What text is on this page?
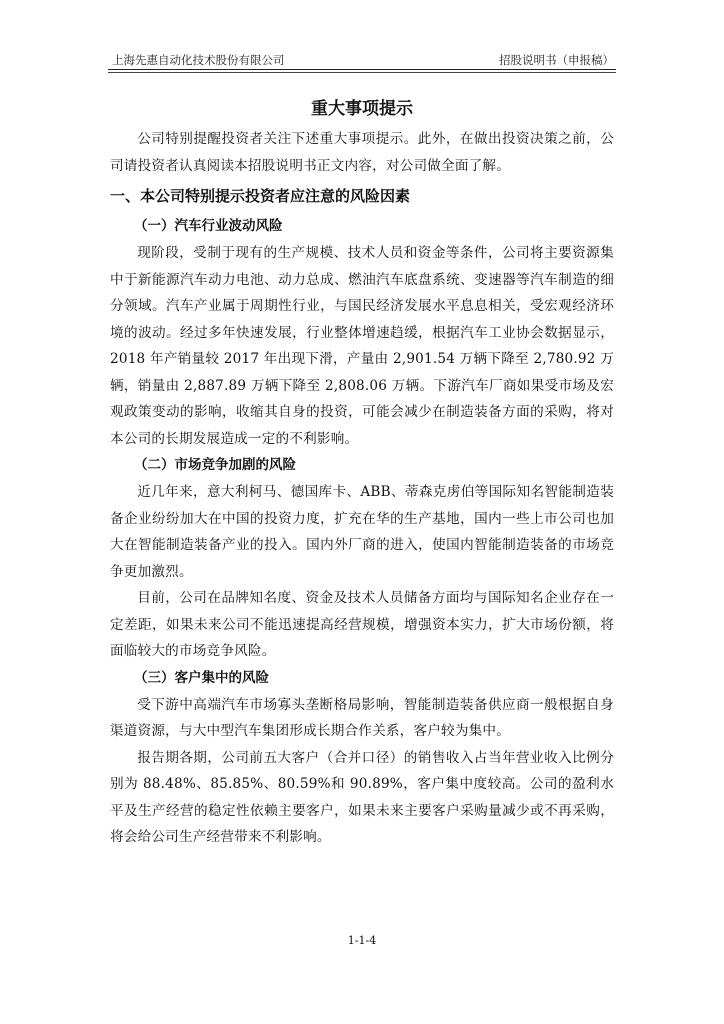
上海先惠自动化技术股份有限公司	招股说明书（申报稿）
重大事项提示

公司特别提醒投资者关注下述重大事项提示。此外，在做出投资决策之前，公司请投资者认真阅读本招股说明书正文内容，对公司做全面了解。

一、本公司特别提示投资者应注意的风险因素
（一）汽车行业波动风险

现阶段，受制于现有的生产规模、技术人员和资金等条件，公司将主要资源集中于新能源汽车动力电池、动力总成、燃油汽车底盘系统、变速器等汽车制造的细分领域。汽车产业属于周期性行业，与国民经济发展水平息息相关，受宏观经济环境的波动。经过多年快速发展，行业整体增速趋缓，根据汽车工业协会数据显示，2018 年产销量较 2017 年出现下滑，产量由 2,901.54 万辆下降至 2,780.92 万辆，销量由 2,887.89 万辆下降至 2,808.06 万辆。下游汽车厂商如果受市场及宏观政策变动的影响，收缩其自身的投资，可能会减少在制造装备方面的采购，将对本公司的长期发展造成一定的不利影响。

（二）市场竞争加剧的风险

近几年来，意大利柯马、德国库卡、ABB、蒂森克虏伯等国际知名智能制造装备企业纷纷加大在中国的投资力度，扩充在华的生产基地，国内一些上市公司也加大在智能制造装备产业的投入。国内外厂商的进入，使国内智能制造装备的市场竞争更加激烈。

目前，公司在品牌知名度、资金及技术人员储备方面均与国际知名企业存在一定差距，如果未来公司不能迅速提高经营规模，增强资本实力，扩大市场份额，将面临较大的市场竞争风险。

（三）客户集中的风险

受下游中高端汽车市场寡头垄断格局影响，智能制造装备供应商一般根据自身渠道资源，与大中型汽车集团形成长期合作关系，客户较为集中。

报告期各期，公司前五大客户（合并口径）的销售收入占当年营业收入比例分别为 88.48%、85.85%、80.59%和 90.89%，客户集中度较高。公司的盈利水平及生产经营的稳定性依赖主要客户，如果未来主要客户采购量减少或不再采购，将会给公司生产经营带来不利影响。

1-1-4
